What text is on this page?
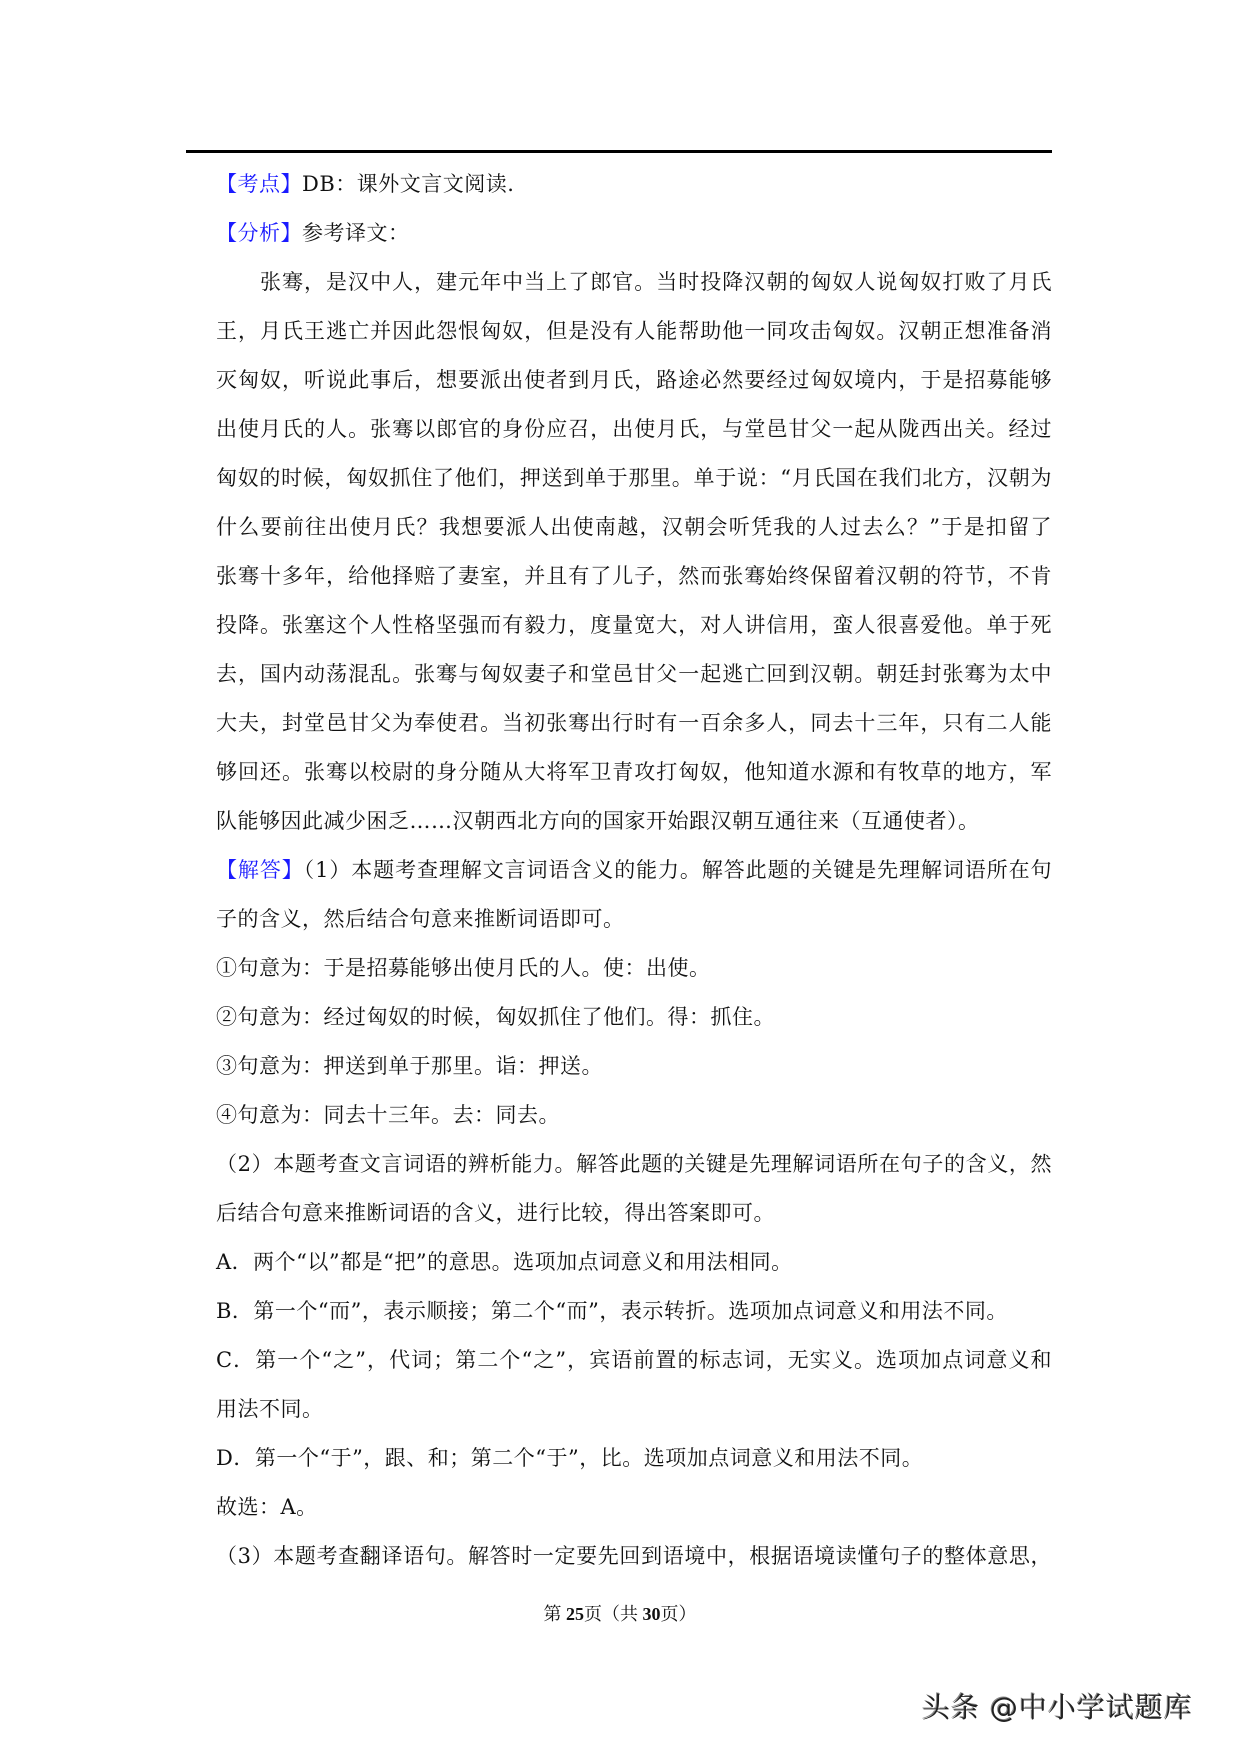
【考点】DB：课外文言文阅读.
【分析】参考译文：
张骞，是汉中人，建元年中当上了郎官。当时投降汉朝的匈奴人说匈奴打败了月氏
王，月氏王逃亡并因此怨恨匈奴，但是没有人能帮助他一同攻击匈奴。汉朝正想准备消
灭匈奴，听说此事后，想要派出使者到月氏，路途必然要经过匈奴境内，于是招募能够
出使月氏的人。张骞以郎官的身份应召，出使月氏，与堂邑甘父一起从陇西出关。经过
匈奴的时候，匈奴抓住了他们，押送到单于那里。单于说：“月氏国在我们北方，汉朝为
什么要前往出使月氏？我想要派人出使南越，汉朝会听凭我的人过去么？”于是扣留了
张骞十多年，给他择赔了妻室，并且有了儿子，然而张骞始终保留着汉朝的符节，不肯
投降。张塞这个人性格坚强而有毅力，度量宽大，对人讲信用，蛮人很喜爱他。单于死
去，国内动荡混乱。张骞与匈奴妻子和堂邑甘父一起逃亡回到汉朝。朝廷封张骞为太中
大夫，封堂邑甘父为奉使君。当初张骞出行时有一百余多人，同去十三年，只有二人能
够回还。张骞以校尉的身分随从大将军卫青攻打匈奴，他知道水源和有牧草的地方，军
队能够因此减少困乏……汉朝西北方向的国家开始跟汉朝互通往来（互通使者）。
【解答】（1）本题考查理解文言词语含义的能力。解答此题的关键是先理解词语所在句
子的含义，然后结合句意来推断词语即可。
①句意为：于是招募能够出使月氏的人。使：出使。
②句意为：经过匈奴的时候，匈奴抓住了他们。得：抓住。
③句意为：押送到单于那里。诣：押送。
④句意为：同去十三年。去：同去。
（2）本题考查文言词语的辨析能力。解答此题的关键是先理解词语所在句子的含义，然
后结合句意来推断词语的含义，进行比较，得出答案即可。
A．两个“以”都是“把”的意思。选项加点词意义和用法相同。
B．第一个“而”，表示顺接；第二个“而”，表示转折。选项加点词意义和用法不同。
C．第一个“之”，代词；第二个“之”，宾语前置的标志词，无实义。选项加点词意义和
用法不同。
D．第一个“于”，跟、和；第二个“于”，比。选项加点词意义和用法不同。
故选：A。
（3）本题考查翻译语句。解答时一定要先回到语境中，根据语境读懂句子的整体意思，
第 25页（共 30页）
头条 @中小学试题库
